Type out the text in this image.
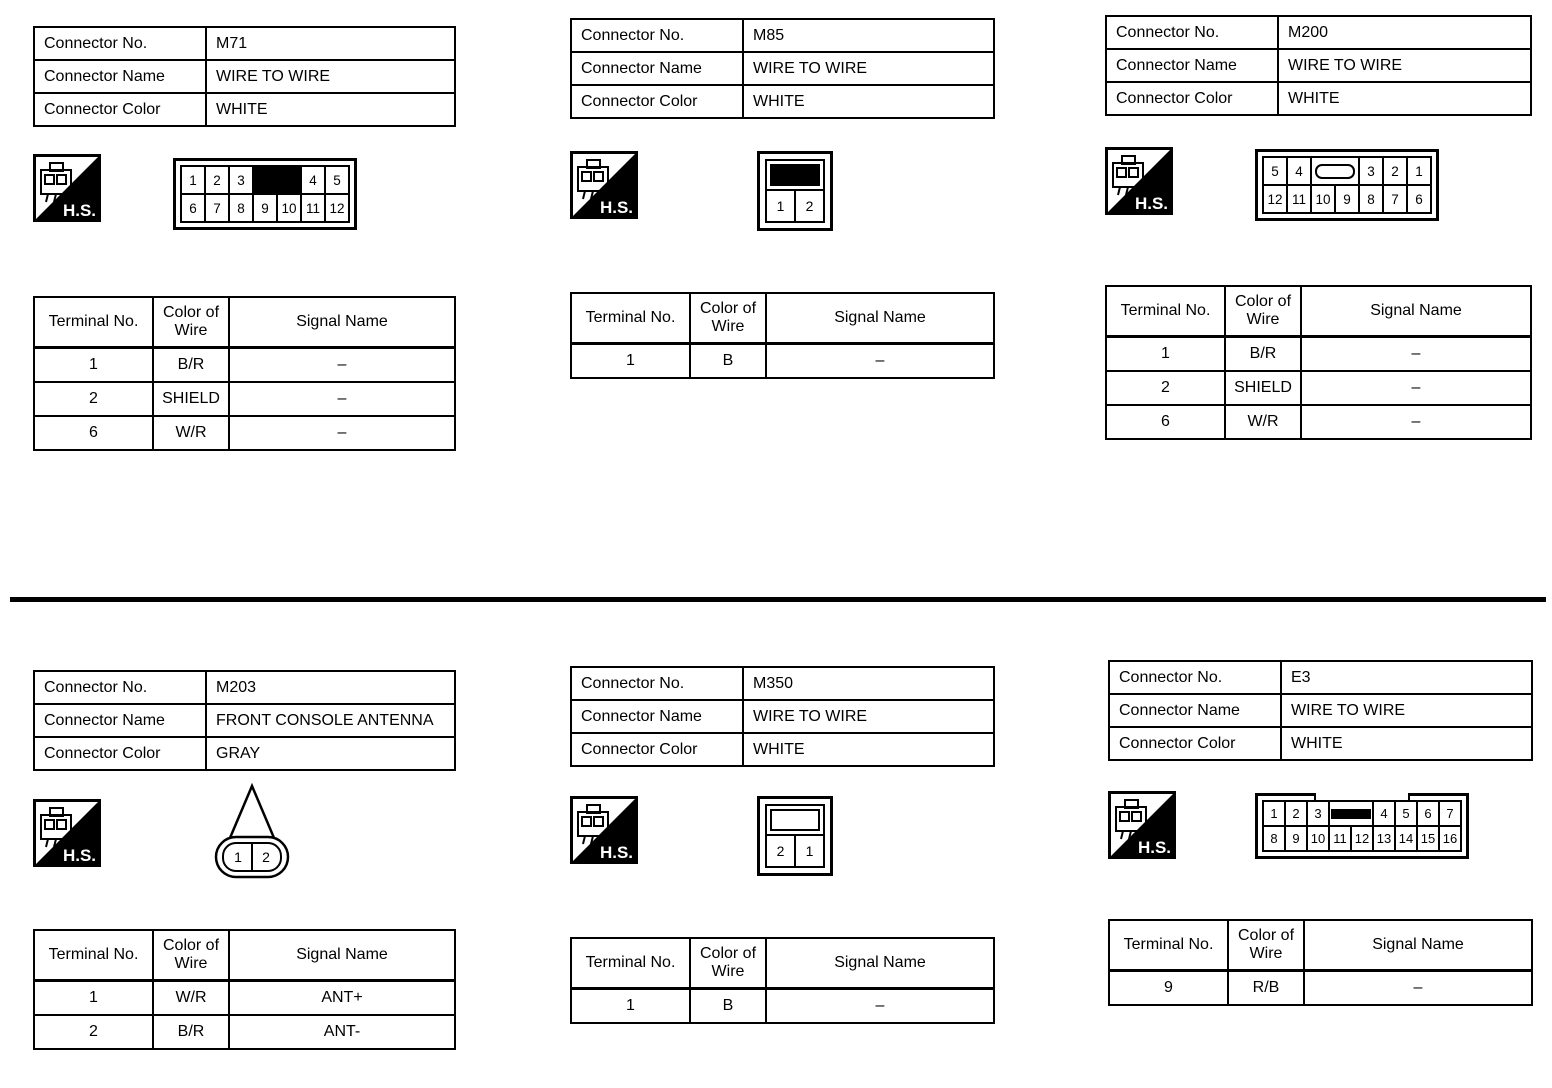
Connector No.	M71
Connector Name	WIRE TO WIRE
Connector Color	WHITE
H.S.
1	2	3	4	5
6	7	8	9 10 11 12
Terminal No.	Color of Wire	Signal Name
1	B/R	–
2	SHIELD	–
6	W/R	–
Connector No.	M85
Connector Name	WIRE TO WIRE
Connector Color	WHITE
H.S.	1	2
Terminal No.	Color of Wire	Signal Name
1	B	–
Connector No.	M200
Connector Name	WIRE TO WIRE
Connector Color	WHITE
H.S.
5	4	3	2	1
12 11 10 9	8	7	6
Terminal No.	Color of Wire	Signal Name
1	B/R	–
2	SHIELD	–
6	W/R	–
Connector No.	M203
Connector Name	FRONT CONSOLE ANTENNA
Connector Color	GRAY
H.S.	1 2
Terminal No.	Color of Wire	Signal Name
1	W/R	ANT+
2	B/R	ANT-
Connector No.	M350
Connector Name	WIRE TO WIRE
Connector Color	WHITE
H.S.	2	1
Terminal No.	Color of Wire	Signal Name
1	B	–
Connector No.	E3
Connector Name	WIRE TO WIRE
Connector Color	WHITE
H.S.
1	2	3	4	5	6	7
8	9 10 11 12 13 14 15 16
Terminal No.	Color of Wire	Signal Name
9	R/B	–
